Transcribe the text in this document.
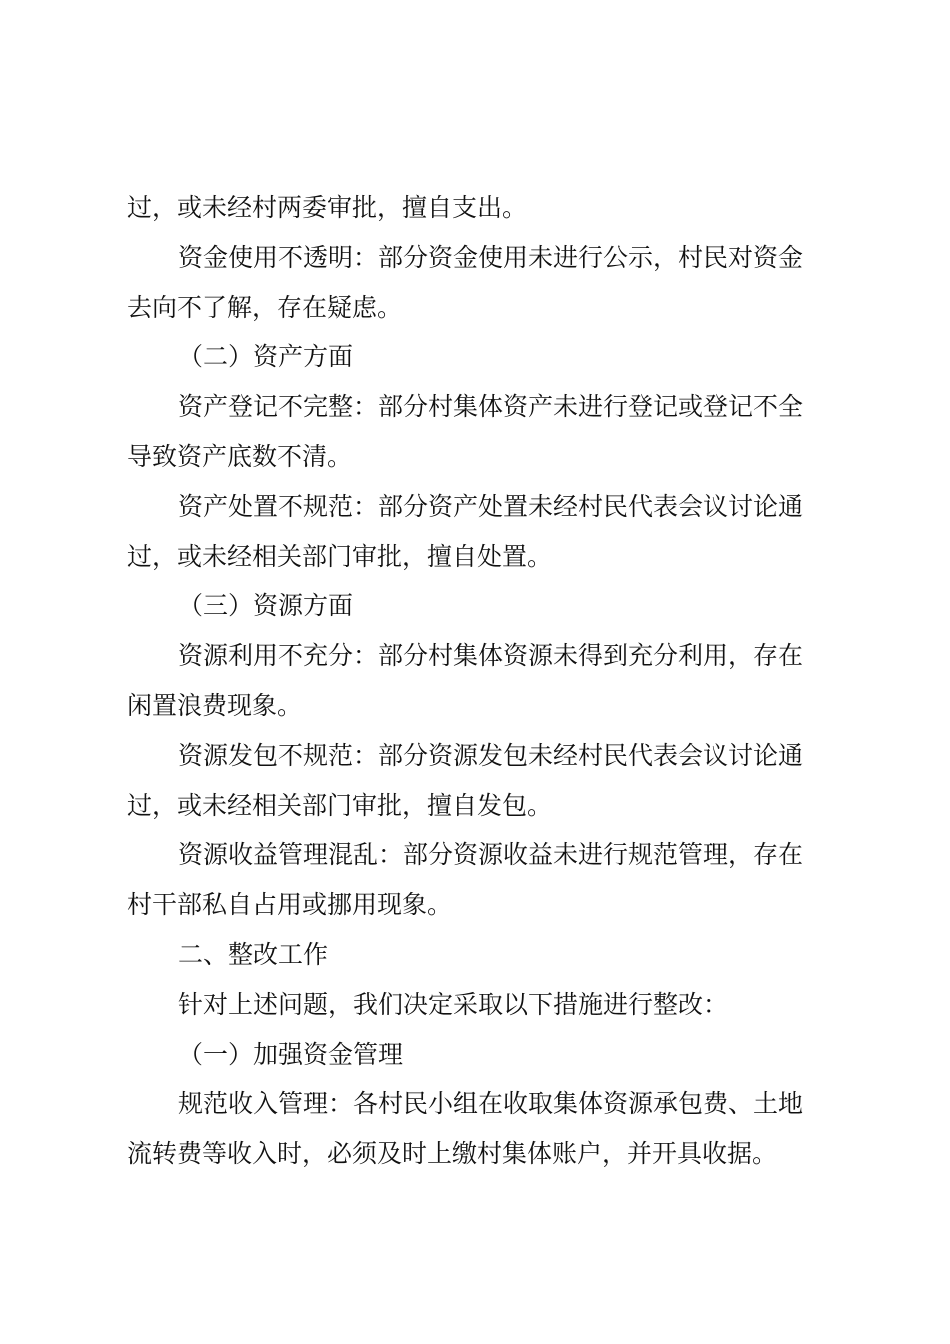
过，或未经村两委审批，擅自支出。
资金使用不透明：部分资金使用未进行公示，村民对资金
去向不了解，存在疑虑。
（二）资产方面
资产登记不完整：部分村集体资产未进行登记或登记不全
导致资产底数不清。
资产处置不规范：部分资产处置未经村民代表会议讨论通
过，或未经相关部门审批，擅自处置。
（三）资源方面
资源利用不充分：部分村集体资源未得到充分利用，存在
闲置浪费现象。
资源发包不规范：部分资源发包未经村民代表会议讨论通
过，或未经相关部门审批，擅自发包。
资源收益管理混乱：部分资源收益未进行规范管理，存在
村干部私自占用或挪用现象。
二、整改工作
针对上述问题，我们决定采取以下措施进行整改：
（一）加强资金管理
规范收入管理：各村民小组在收取集体资源承包费、土地
流转费等收入时，必须及时上缴村集体账户，并开具收据。
